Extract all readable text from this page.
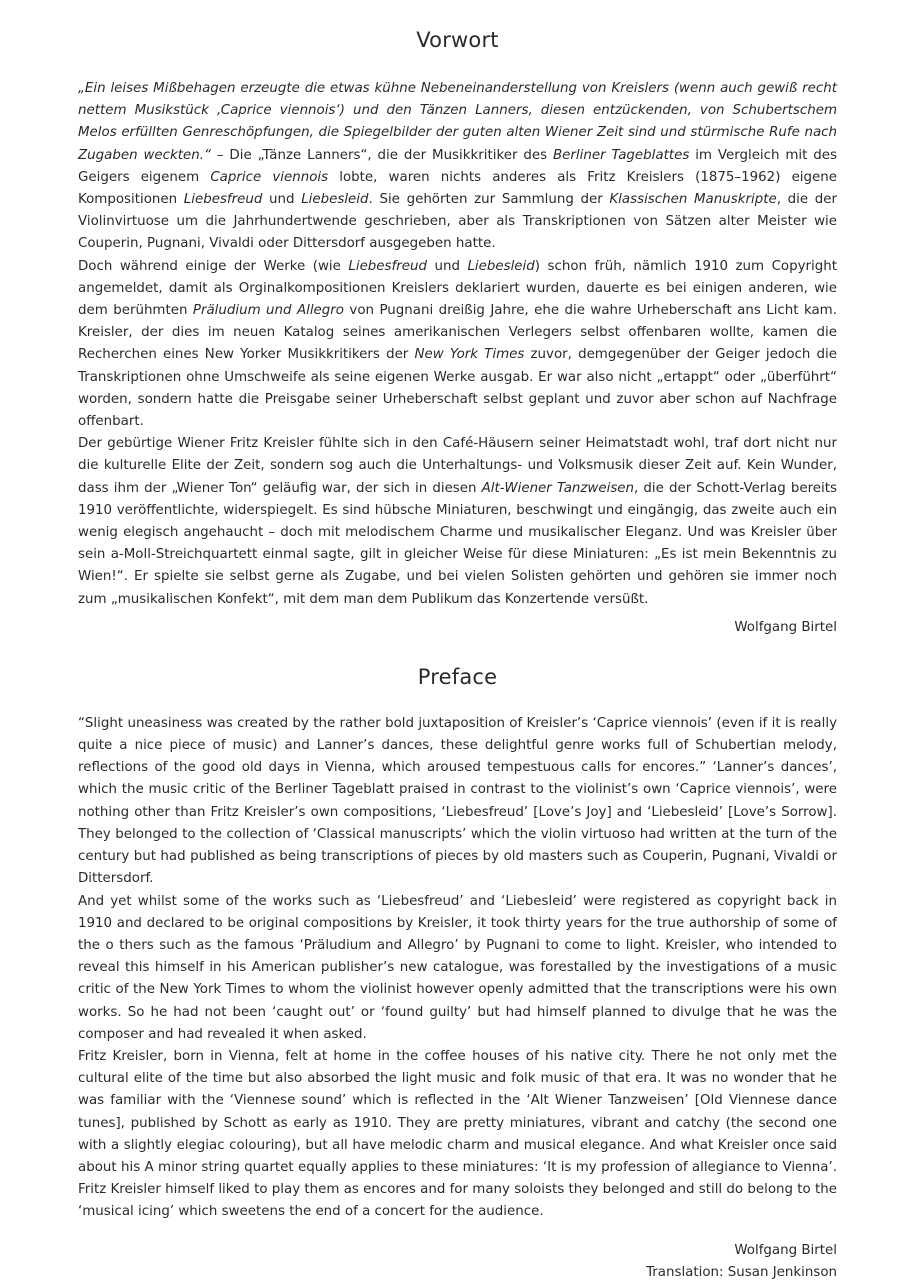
Vorwort

„Ein leises Mißbehagen erzeugte die etwas kühne Nebeneinanderstellung von Kreislers (wenn auch gewiß recht nettem Musikstück ‚Caprice viennois‘) und den Tänzen Lanners, diesen entzückenden, von Schubertschem Melos erfüllten Genreschöpfungen, die Spiegelbilder der guten alten Wiener Zeit sind und stürmische Rufe nach Zugaben weckten.“ – Die „Tänze Lanners“, die der Musikkritiker des Berliner Tageblattes im Vergleich mit des Geigers eigenem Caprice viennois lobte, waren nichts anderes als Fritz Kreislers (1875–1962) eigene Kompositionen Liebesfreud und Liebesleid. Sie gehörten zur Sammlung der Klassischen Manuskripte, die der Violinvirtuose um die Jahrhundertwende geschrieben, aber als Transkriptionen von Sätzen alter Meister wie Couperin, Pugnani, Vivaldi oder Dittersdorf ausgegeben hatte.

Doch während einige der Werke (wie Liebesfreud und Liebesleid) schon früh, nämlich 1910 zum Copyright angemeldet, damit als Orginalkompositionen Kreislers deklariert wurden, dauerte es bei einigen anderen, wie dem berühmten Präludium und Allegro von Pugnani dreißig Jahre, ehe die wahre Urheberschaft ans Licht kam. Kreisler, der dies im neuen Katalog seines amerikanischen Verlegers selbst offenbaren wollte, kamen die Recherchen eines New Yorker Musikkritikers der New York Times zuvor, demgegenüber der Geiger jedoch die Transkriptionen ohne Umschweife als seine eigenen Werke ausgab. Er war also nicht „ertappt“ oder „überführt“ worden, sondern hatte die Preisgabe seiner Urheberschaft selbst geplant und zuvor aber schon auf Nachfrage offenbart.

Der gebürtige Wiener Fritz Kreisler fühlte sich in den Café-Häusern seiner Heimatstadt wohl, traf dort nicht nur die kulturelle Elite der Zeit, sondern sog auch die Unterhaltungs- und Volksmusik dieser Zeit auf. Kein Wunder, dass ihm der „Wiener Ton“ geläufig war, der sich in diesen Alt-Wiener Tanzweisen, die der Schott-Verlag bereits 1910 veröffentlichte, widerspiegelt. Es sind hübsche Miniaturen, beschwingt und eingängig, das zweite auch ein wenig elegisch angehaucht – doch mit melodischem Charme und musikalischer Eleganz. Und was Kreisler über sein a-Moll-Streichquartett einmal sagte, gilt in gleicher Weise für diese Miniaturen: „Es ist mein Bekenntnis zu Wien!“. Er spielte sie selbst gerne als Zugabe, und bei vielen Solisten gehörten und gehören sie immer noch zum „musikalischen Konfekt“, mit dem man dem Publikum das Konzertende versüßt.

Wolfgang Birtel
Preface

“Slight uneasiness was created by the rather bold juxtaposition of Kreisler’s ‘Caprice viennois’ (even if it is really quite a nice piece of music) and Lanner’s dances, these delightful genre works full of Schubertian melody, reflections of the good old days in Vienna, which aroused tempestuous calls for encores.” ‘Lanner’s dances’, which the music critic of the Berliner Tageblatt praised in contrast to the violinist’s own ‘Caprice viennois’, were nothing other than Fritz Kreisler’s own compositions, ‘Liebesfreud’ [Love’s Joy] and ‘Liebesleid’ [Love’s Sorrow]. They belonged to the collection of ‘Classical manuscripts’ which the violin virtuoso had written at the turn of the century but had published as being transcriptions of pieces by old masters such as Couperin, Pugnani, Vivaldi or Dittersdorf.

And yet whilst some of the works such as ‘Liebesfreud’ and ‘Liebesleid’ were registered as copyright back in 1910 and declared to be original compositions by Kreisler, it took thirty years for the true authorship of some of the o thers such as the famous ‘Präludium and Allegro’ by Pugnani to come to light. Kreisler, who intended to reveal this himself in his American publisher’s new catalogue, was forestalled by the investigations of a music critic of the New York Times to whom the violinist however openly admitted that the transcriptions were his own works. So he had not been ‘caught out’ or ‘found guilty’ but had himself planned to divulge that he was the composer and had revealed it when asked.

Fritz Kreisler, born in Vienna, felt at home in the coffee houses of his native city. There he not only met the cultural elite of the time but also absorbed the light music and folk music of that era. It was no wonder that he was familiar with the ‘Viennese sound’ which is reflected in the ‘Alt Wiener Tanzweisen’ [Old Viennese dance tunes], published by Schott as early as 1910. They are pretty miniatures, vibrant and catchy (the second one with a slightly elegiac colouring), but all have melodic charm and musical elegance. And what Kreisler once said about his A minor string quartet equally applies to these miniatures: ‘It is my profession of allegiance to Vienna’. Fritz Kreisler himself liked to play them as encores and for many soloists they belonged and still do belong to the ‘musical icing’ which sweetens the end of a concert for the audience.

Wolfgang Birtel
Translation: Susan Jenkinson
